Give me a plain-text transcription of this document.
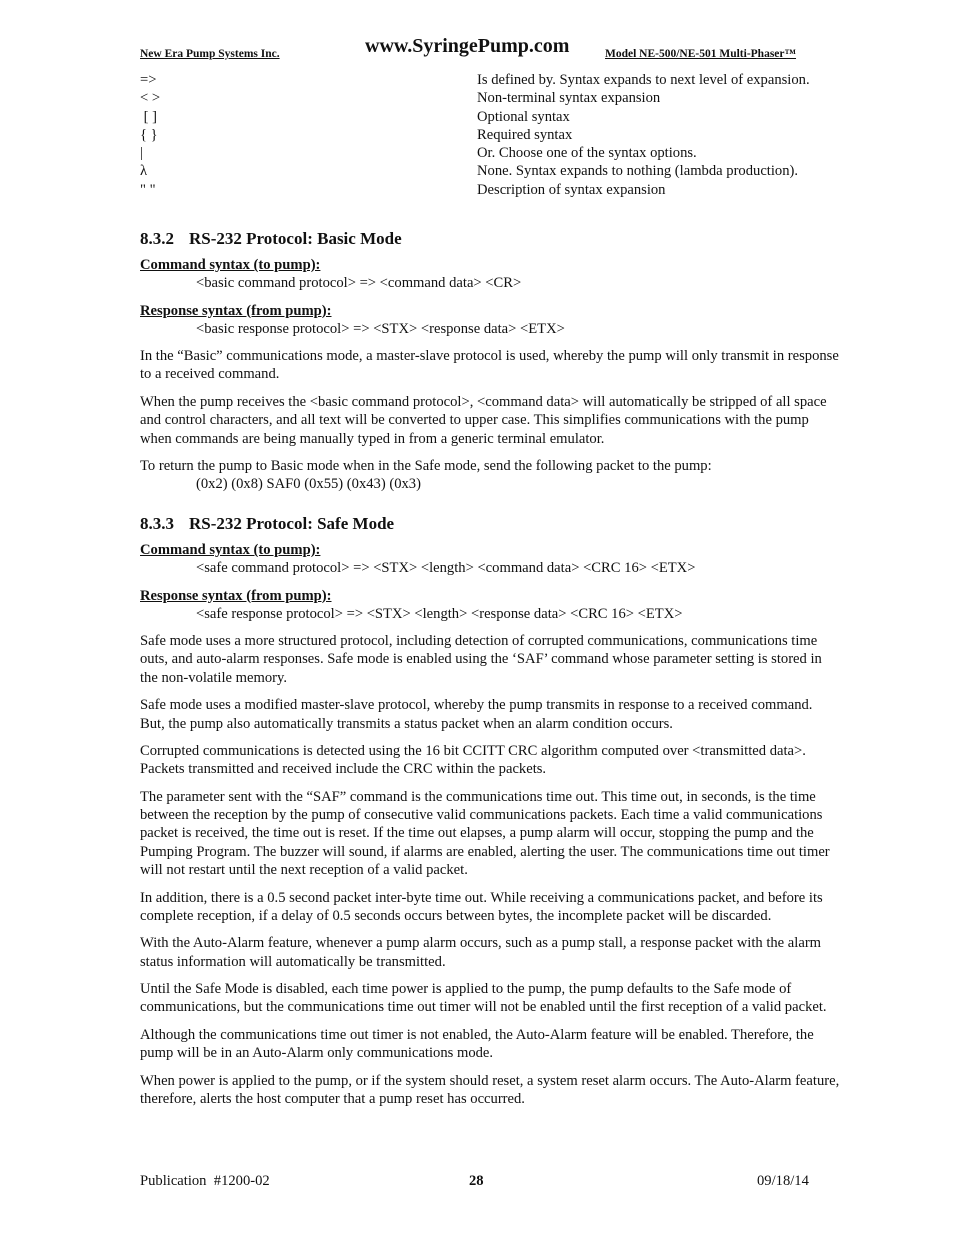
New Era Pump Systems Inc.	www.SyringePump.com	Model NE-500/NE-501 Multi-Phaser™
=>	Is defined by. Syntax expands to next level of expansion.
< >	Non-terminal syntax expansion
[ ]	Optional syntax
{ }	Required syntax
|	Or. Choose one of the syntax options.
λ	None. Syntax expands to nothing (lambda production).
" "	Description of syntax expansion
8.3.2 RS-232 Protocol: Basic Mode
Command syntax (to pump):
<basic command protocol> => <command data> <CR>
Response syntax (from pump):
<basic response protocol> => <STX> <response data> <ETX>

In the “Basic” communications mode, a master-slave protocol is used, whereby the pump will only transmit in response to a received command.

When the pump receives the <basic command protocol>, <command data> will automatically be stripped of all space and control characters, and all text will be converted to upper case. This simplifies communications with the pump when commands are being manually typed in from a generic terminal emulator.

To return the pump to Basic mode when in the Safe mode, send the following packet to the pump:
(0x2) (0x8) SAF0 (0x55) (0x43) (0x3)
8.3.3 RS-232 Protocol: Safe Mode
Command syntax (to pump):
<safe command protocol> => <STX> <length> <command data> <CRC 16> <ETX>
Response syntax (from pump):
<safe response protocol> => <STX> <length> <response data> <CRC 16> <ETX>

Safe mode uses a more structured protocol, including detection of corrupted communications, communications time outs, and auto-alarm responses. Safe mode is enabled using the ‘SAF’ command whose parameter setting is stored in the non-volatile memory.

Safe mode uses a modified master-slave protocol, whereby the pump transmits in response to a received command. But, the pump also automatically transmits a status packet when an alarm condition occurs.

Corrupted communications is detected using the 16 bit CCITT CRC algorithm computed over <transmitted data>. Packets transmitted and received include the CRC within the packets.

The parameter sent with the “SAF” command is the communications time out. This time out, in seconds, is the time between the reception by the pump of consecutive valid communications packets. Each time a valid communications packet is received, the time out is reset. If the time out elapses, a pump alarm will occur, stopping the pump and the Pumping Program. The buzzer will sound, if alarms are enabled, alerting the user. The communications time out timer will not restart until the next reception of a valid packet.

In addition, there is a 0.5 second packet inter-byte time out. While receiving a communications packet, and before its complete reception, if a delay of 0.5 seconds occurs between bytes, the incomplete packet will be discarded.

With the Auto-Alarm feature, whenever a pump alarm occurs, such as a pump stall, a response packet with the alarm status information will automatically be transmitted.

Until the Safe Mode is disabled, each time power is applied to the pump, the pump defaults to the Safe mode of communications, but the communications time out timer will not be enabled until the first reception of a valid packet.

Although the communications time out timer is not enabled, the Auto-Alarm feature will be enabled. Therefore, the pump will be in an Auto-Alarm only communications mode.

When power is applied to the pump, or if the system should reset, a system reset alarm occurs. The Auto-Alarm feature, therefore, alerts the host computer that a pump reset has occurred.

Publication  #1200-02	28	09/18/14
